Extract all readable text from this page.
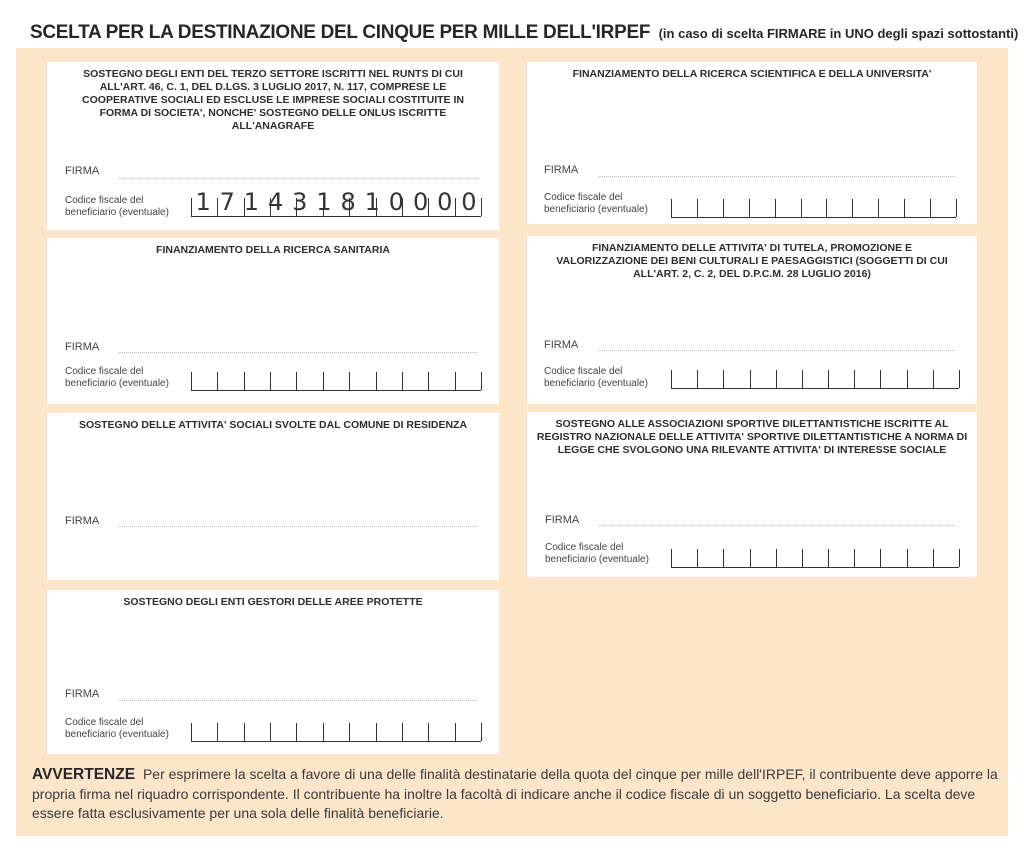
SCELTA PER LA DESTINAZIONE DEL CINQUE PER MILLE DELL'IRPEF (in caso di scelta FIRMARE in UNO degli spazi sottostanti)
SOSTEGNO DEGLI ENTI DEL TERZO SETTORE ISCRITTI NEL RUNTS DI CUI ALL'ART. 46, C. 1, DEL D.LGS. 3 LUGLIO 2017, N. 117, COMPRESE LE COOPERATIVE SOCIALI ED ESCLUSE LE IMPRESE SOCIALI COSTITUITE IN FORMA DI SOCIETA', NONCHE' SOSTEGNO DELLE ONLUS ISCRITTE ALL'ANAGRAFE
FIRMA
Codice fiscale del
beneficiario (eventuale) 1 7 1 4 3 1 8 1 0 0 0 0
FINANZIAMENTO DELLA RICERCA SCIENTIFICA E DELLA UNIVERSITA'
FIRMA
Codice fiscale del
beneficiario (eventuale)
FINANZIAMENTO DELLA RICERCA SANITARIA
FIRMA
Codice fiscale del
beneficiario (eventuale)
FINANZIAMENTO DELLE ATTIVITA' DI TUTELA, PROMOZIONE E VALORIZZAZIONE DEI BENI CULTURALI E PAESAGGISTICI (SOGGETTI DI CUI ALL'ART. 2, C. 2, DEL D.P.C.M. 28 LUGLIO 2016)
FIRMA
Codice fiscale del
beneficiario (eventuale)
SOSTEGNO DELLE ATTIVITA' SOCIALI SVOLTE DAL COMUNE DI RESIDENZA
FIRMA
SOSTEGNO ALLE ASSOCIAZIONI SPORTIVE DILETTANTISTICHE ISCRITTE AL REGISTRO NAZIONALE DELLE ATTIVITA' SPORTIVE DILETTANTISTICHE A NORMA DI LEGGE CHE SVOLGONO UNA RILEVANTE ATTIVITA' DI INTERESSE SOCIALE
FIRMA
Codice fiscale del
beneficiario (eventuale)
SOSTEGNO DEGLI ENTI GESTORI DELLE AREE PROTETTE
FIRMA
Codice fiscale del
beneficiario (eventuale)
AVVERTENZE Per esprimere la scelta a favore di una delle finalità destinatarie della quota del cinque per mille dell'IRPEF, il contribuente deve apporre la propria firma nel riquadro corrispondente. Il contribuente ha inoltre la facoltà di indicare anche il codice fiscale di un soggetto beneficiario. La scelta deve essere fatta esclusivamente per una sola delle finalità beneficiarie.
